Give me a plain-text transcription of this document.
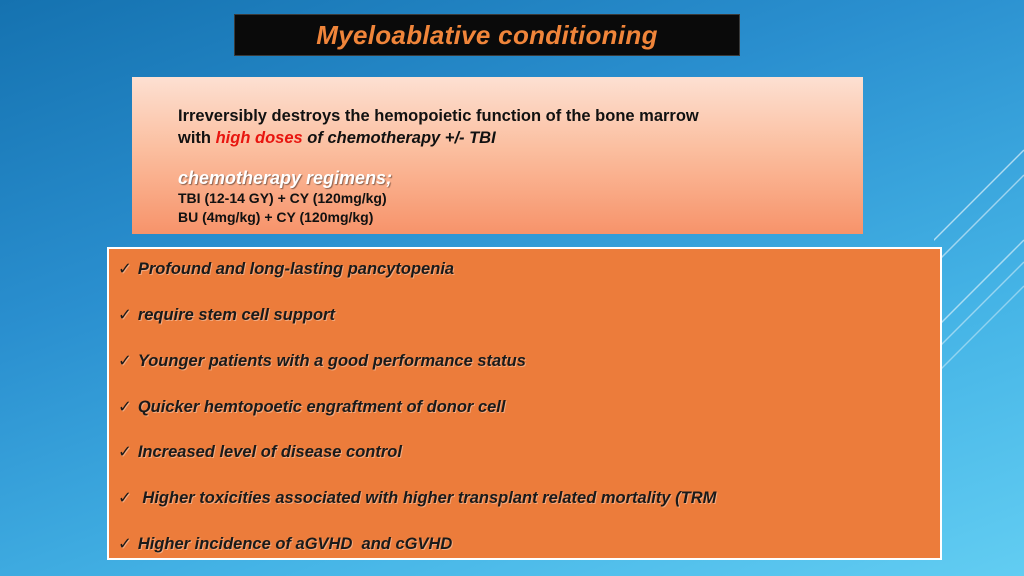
Myeloablative conditioning
Irreversibly destroys the hemopoietic function of the bone marrow
with high doses of chemotherapy +/- TBI
chemotherapy regimens;
TBI (12-14 GY) + CY (120mg/kg)
BU (4mg/kg) + CY (120mg/kg)
✓ Profound and long-lasting pancytopenia
✓ require stem cell support
✓ Younger patients with a good performance status
✓ Quicker hemtopoetic engraftment of donor cell
✓ Increased level of disease control
✓ Higher toxicities associated with higher transplant related mortality (TRM
✓ Higher incidence of aGVHD  and cGVHD
